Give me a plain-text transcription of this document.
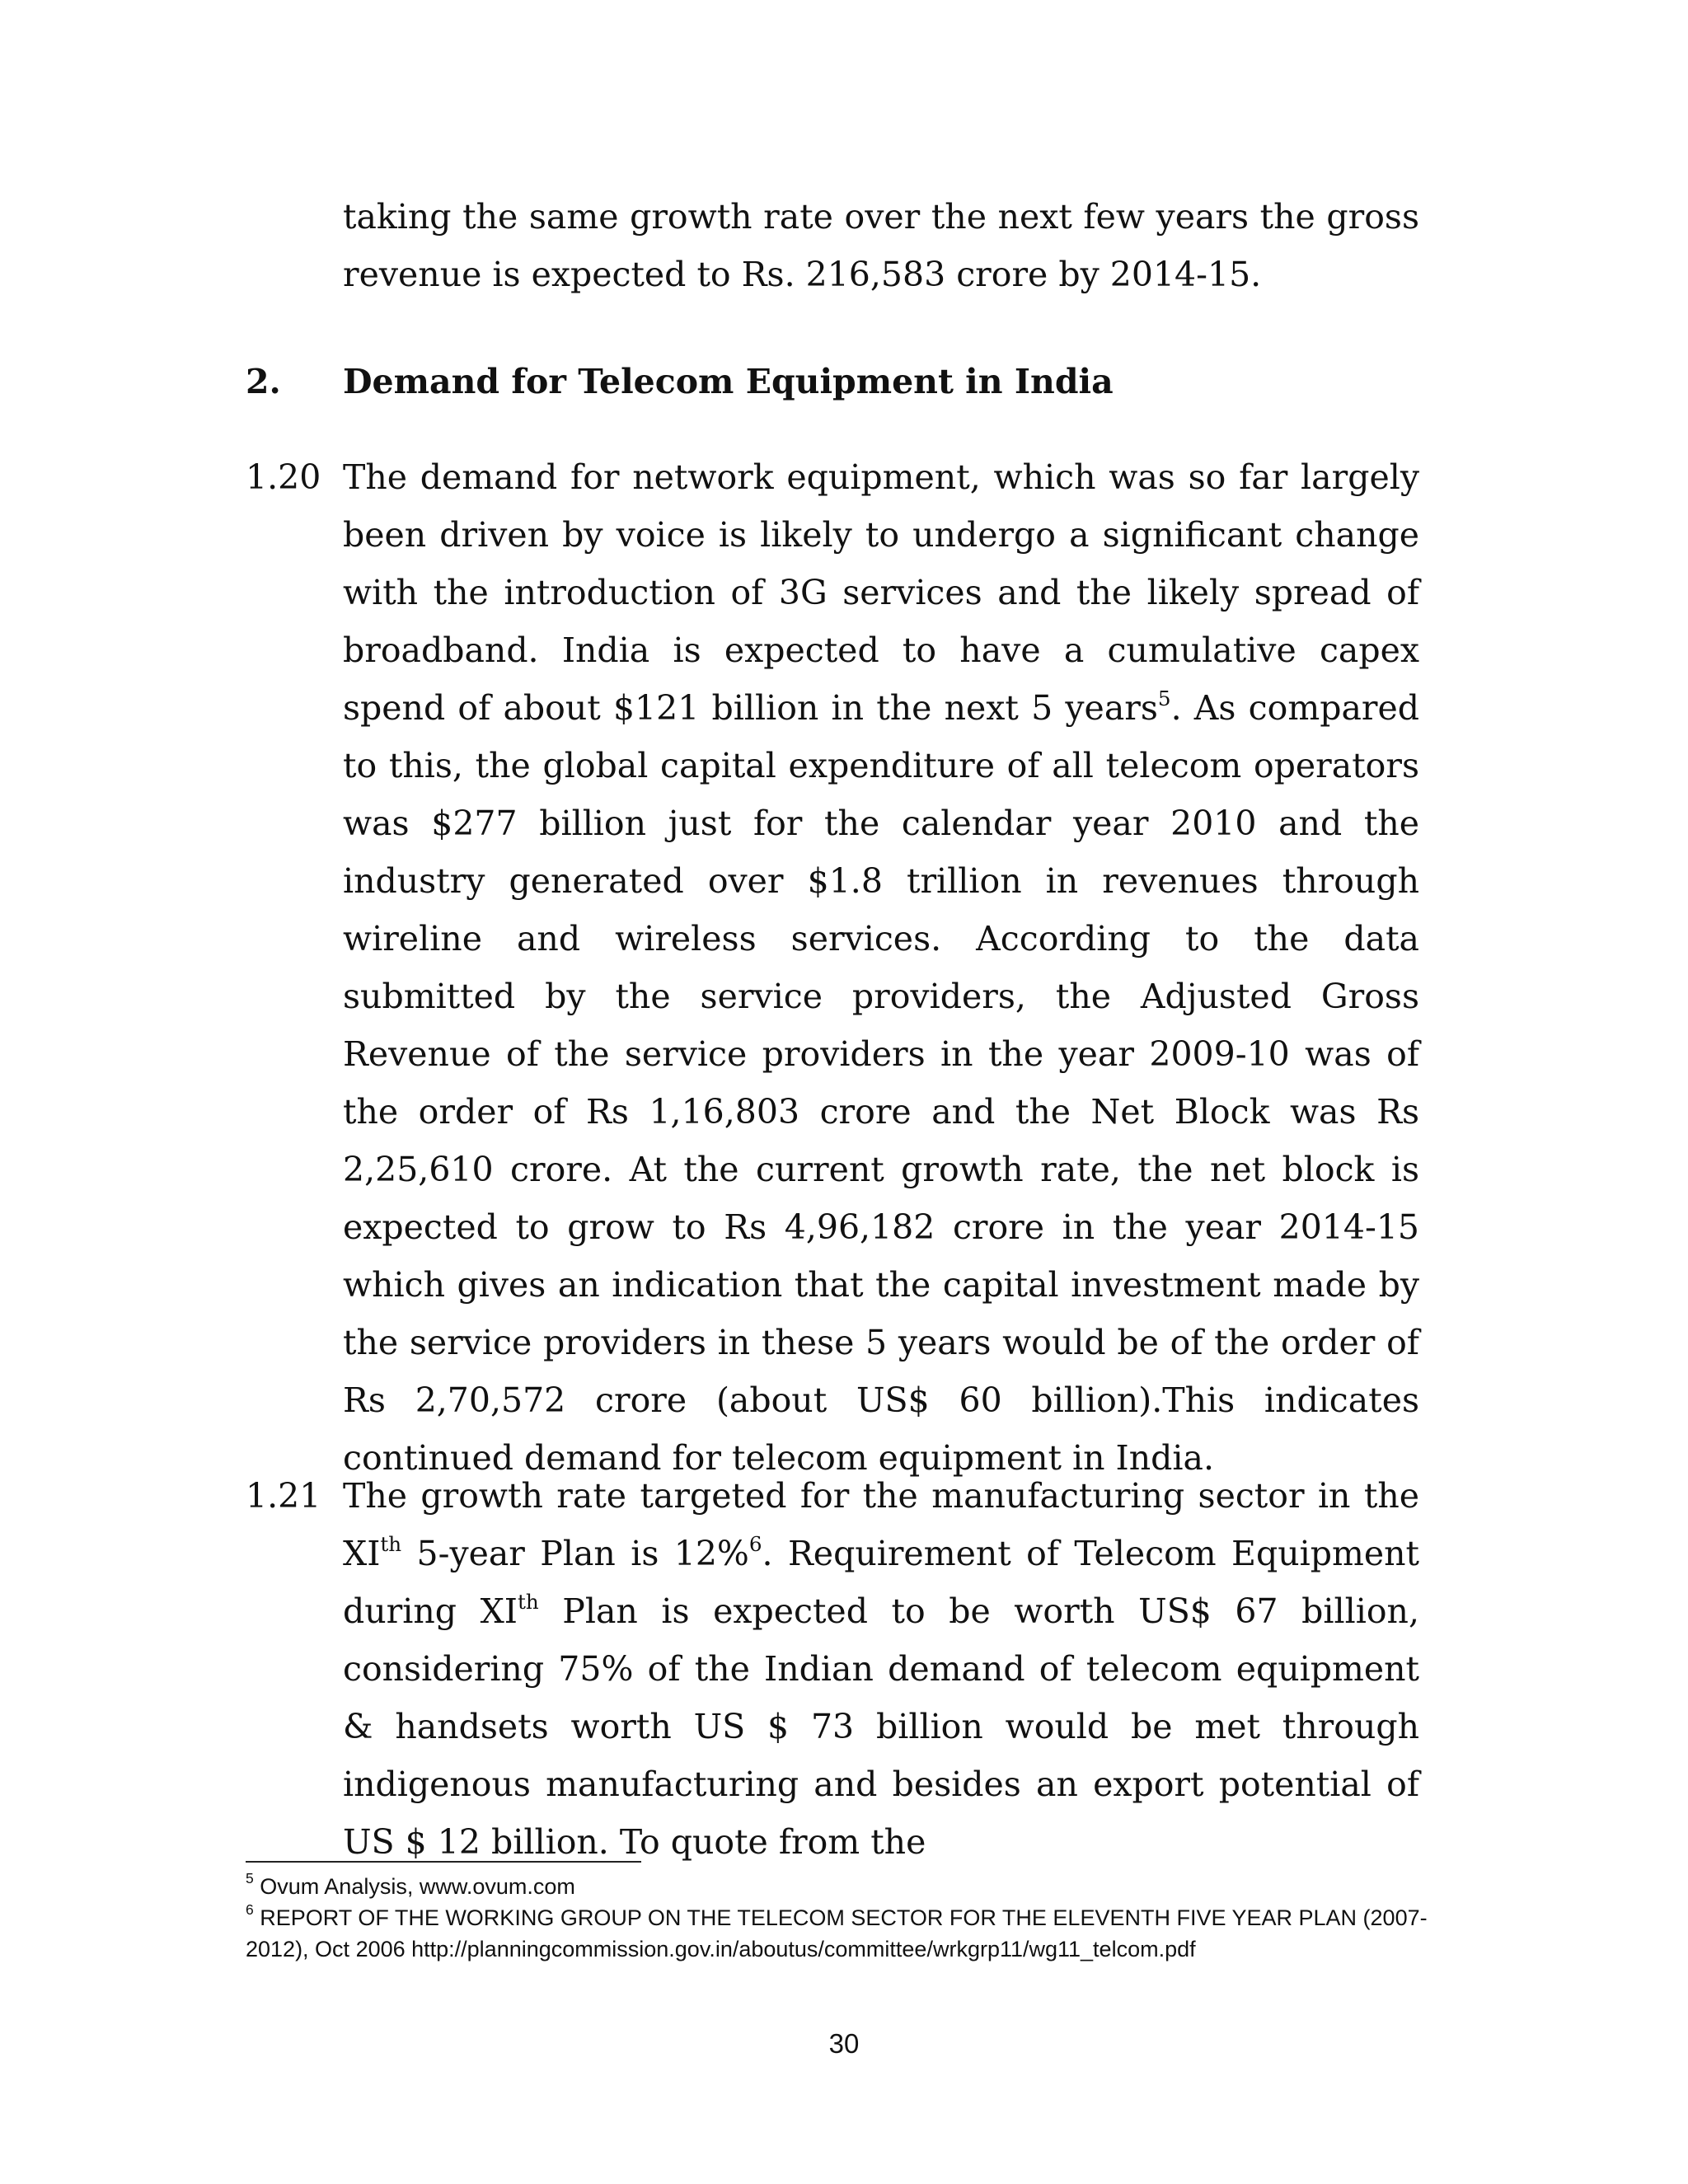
taking the same growth rate over the next few years the gross revenue is expected to Rs. 216,583 crore by 2014-15.

2. Demand for Telecom Equipment in India
1.20 The demand for network equipment, which was so far largely been driven by voice is likely to undergo a significant change with the introduction of 3G services and the likely spread of broadband. India is expected to have a cumulative capex spend of about $121 billion in the next 5 years$^5$. As compared to this, the global capital expenditure of all telecom operators was $277 billion just for the calendar year 2010 and the industry generated over $1.8 trillion in revenues through wireline and wireless services. According to the data submitted by the service providers, the Adjusted Gross Revenue of the service providers in the year 2009-10 was of the order of Rs 1,16,803 crore and the Net Block was Rs 2,25,610 crore. At the current growth rate, the net block is expected to grow to Rs 4,96,182 crore in the year 2014-15 which gives an indication that the capital investment made by the service providers in these 5 years would be of the order of Rs 2,70,572 crore (about US$ 60 billion).This indicates continued demand for telecom equipment in India.

1.21 The growth rate targeted for the manufacturing sector in the XIth 5-year Plan is 12%$^6$. Requirement of Telecom Equipment during XIth Plan is expected to be worth US$ 67 billion, considering 75% of the Indian demand of telecom equipment & handsets worth US $ 73 billion would be met through indigenous manufacturing and besides an export potential of US $ 12 billion. To quote from the

$^5$ Ovum Analysis, www.ovum.com

$^6$ REPORT OF THE WORKING GROUP ON THE TELECOM SECTOR FOR THE ELEVENTH FIVE YEAR PLAN (2007-2012), Oct 2006 http://planningcommission.gov.in/aboutus/committee/wrkgrp11/wg11_telcom.pdf

30
